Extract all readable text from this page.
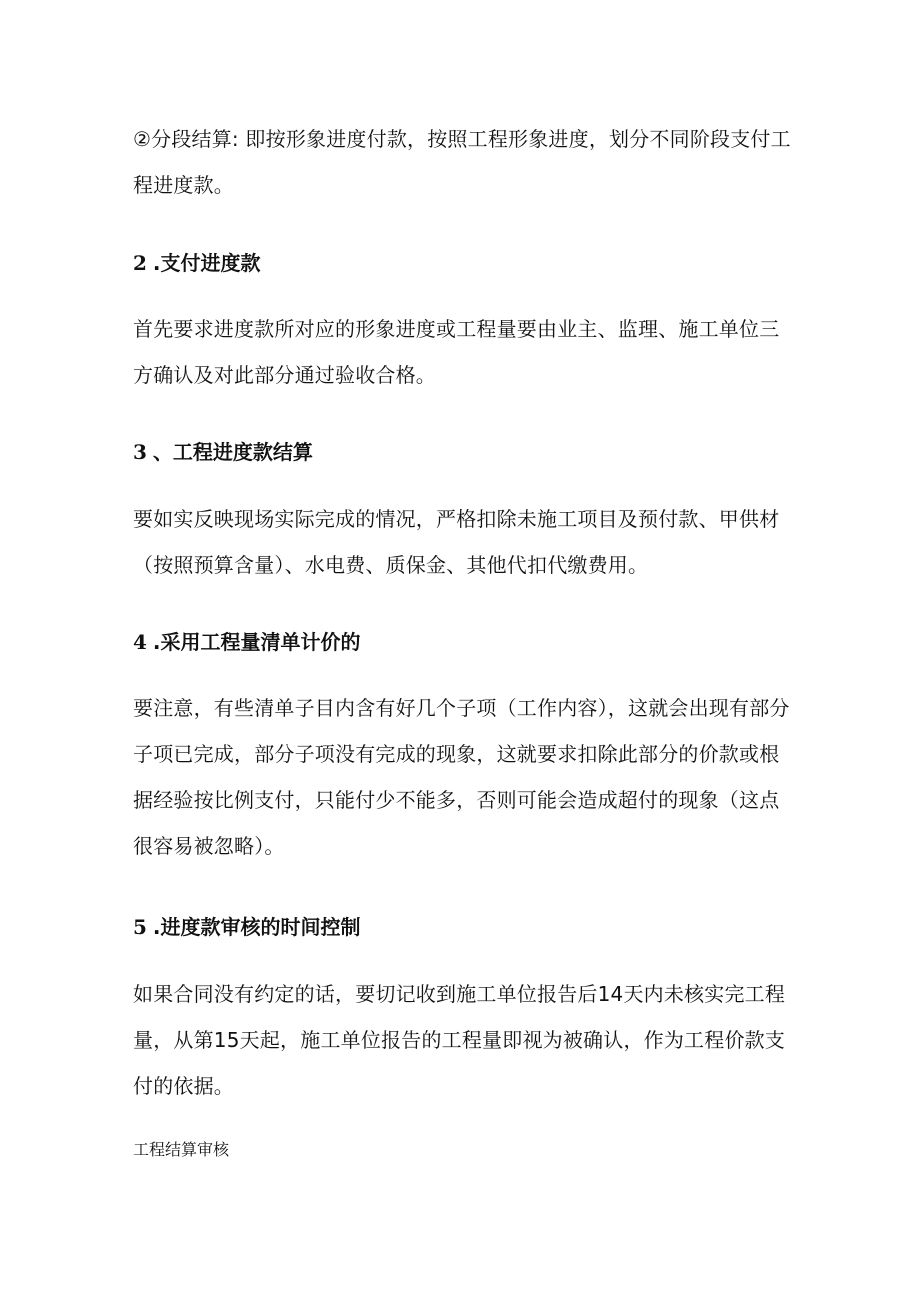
②分段结算: 即按形象进度付款，按照工程形象进度，划分不同阶段支付工程进度款。
2 .支付进度款
首先要求进度款所对应的形象进度或工程量要由业主、监理、施工单位三方确认及对此部分通过验收合格。
3 、工程进度款结算
要如实反映现场实际完成的情况，严格扣除未施工项目及预付款、甲供材（按照预算含量）、水电费、质保金、其他代扣代缴费用。
4 .采用工程量清单计价的
要注意，有些清单子目内含有好几个子项（工作内容），这就会出现有部分子项已完成，部分子项没有完成的现象，这就要求扣除此部分的价款或根据经验按比例支付，只能付少不能多，否则可能会造成超付的现象（这点很容易被忽略）。
5 .进度款审核的时间控制
如果合同没有约定的话，要切记收到施工单位报告后14天内未核实完工程量，从第15天起，施工单位报告的工程量即视为被确认，作为工程价款支付的依据。
工程结算审核
